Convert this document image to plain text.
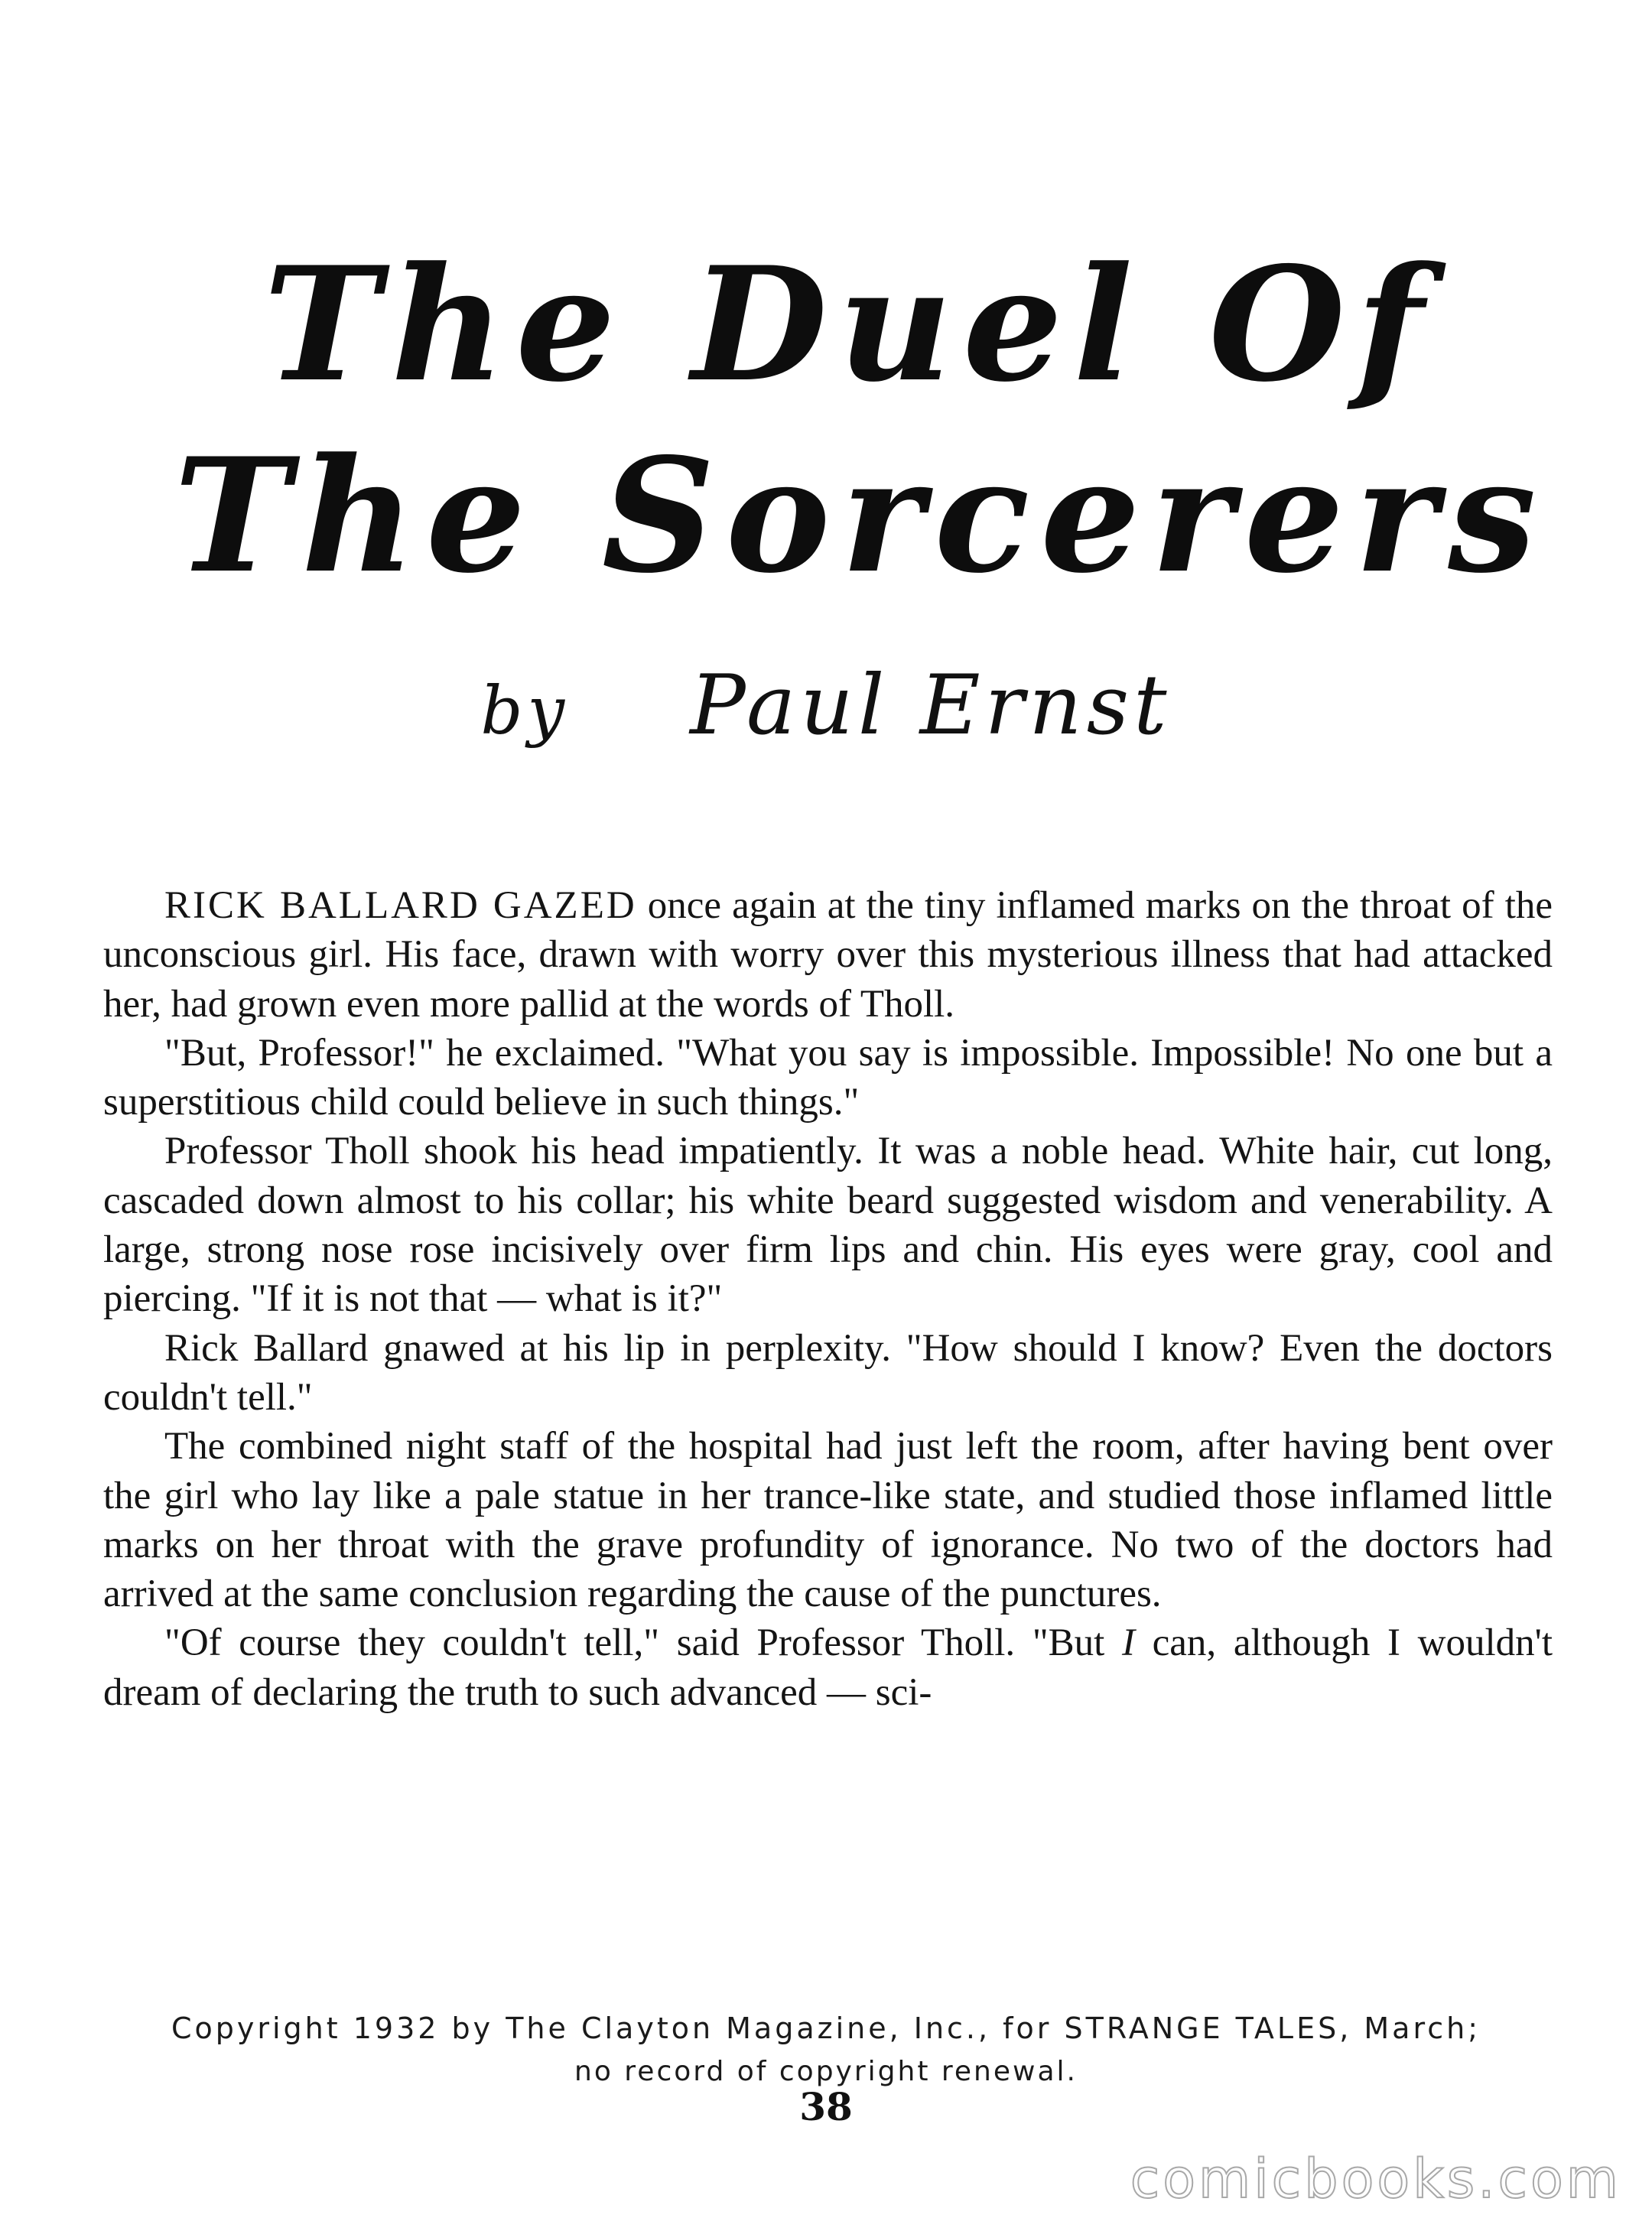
The Duel Of
The Sorcerers
by Paul Ernst

RICK BALLARD GAZED once again at the tiny inflamed marks on the throat of the unconscious girl. His face, drawn with worry over this mysterious illness that had attacked her, had grown even more pallid at the words of Tholl.

"But, Professor!" he exclaimed. "What you say is impossible. Impossible! No one but a superstitious child could believe in such things."

Professor Tholl shook his head impatiently. It was a noble head. White hair, cut long, cascaded down almost to his collar; his white beard suggested wisdom and venerability. A large, strong nose rose incisively over firm lips and chin. His eyes were gray, cool and piercing. "If it is not that — what is it?"

Rick Ballard gnawed at his lip in perplexity. "How should I know? Even the doctors couldn't tell."

The combined night staff of the hospital had just left the room, after having bent over the girl who lay like a pale statue in her trance-like state, and studied those inflamed little marks on her throat with the grave profundity of ignorance. No two of the doctors had arrived at the same conclusion regarding the cause of the punctures.

"Of course they couldn't tell," said Professor Tholl. "But I can, although I wouldn't dream of declaring the truth to such advanced — sci-

Copyright 1932 by The Clayton Magazine, Inc., for STRANGE TALES, March;
no record of copyright renewal.
38
comicbooks.com
